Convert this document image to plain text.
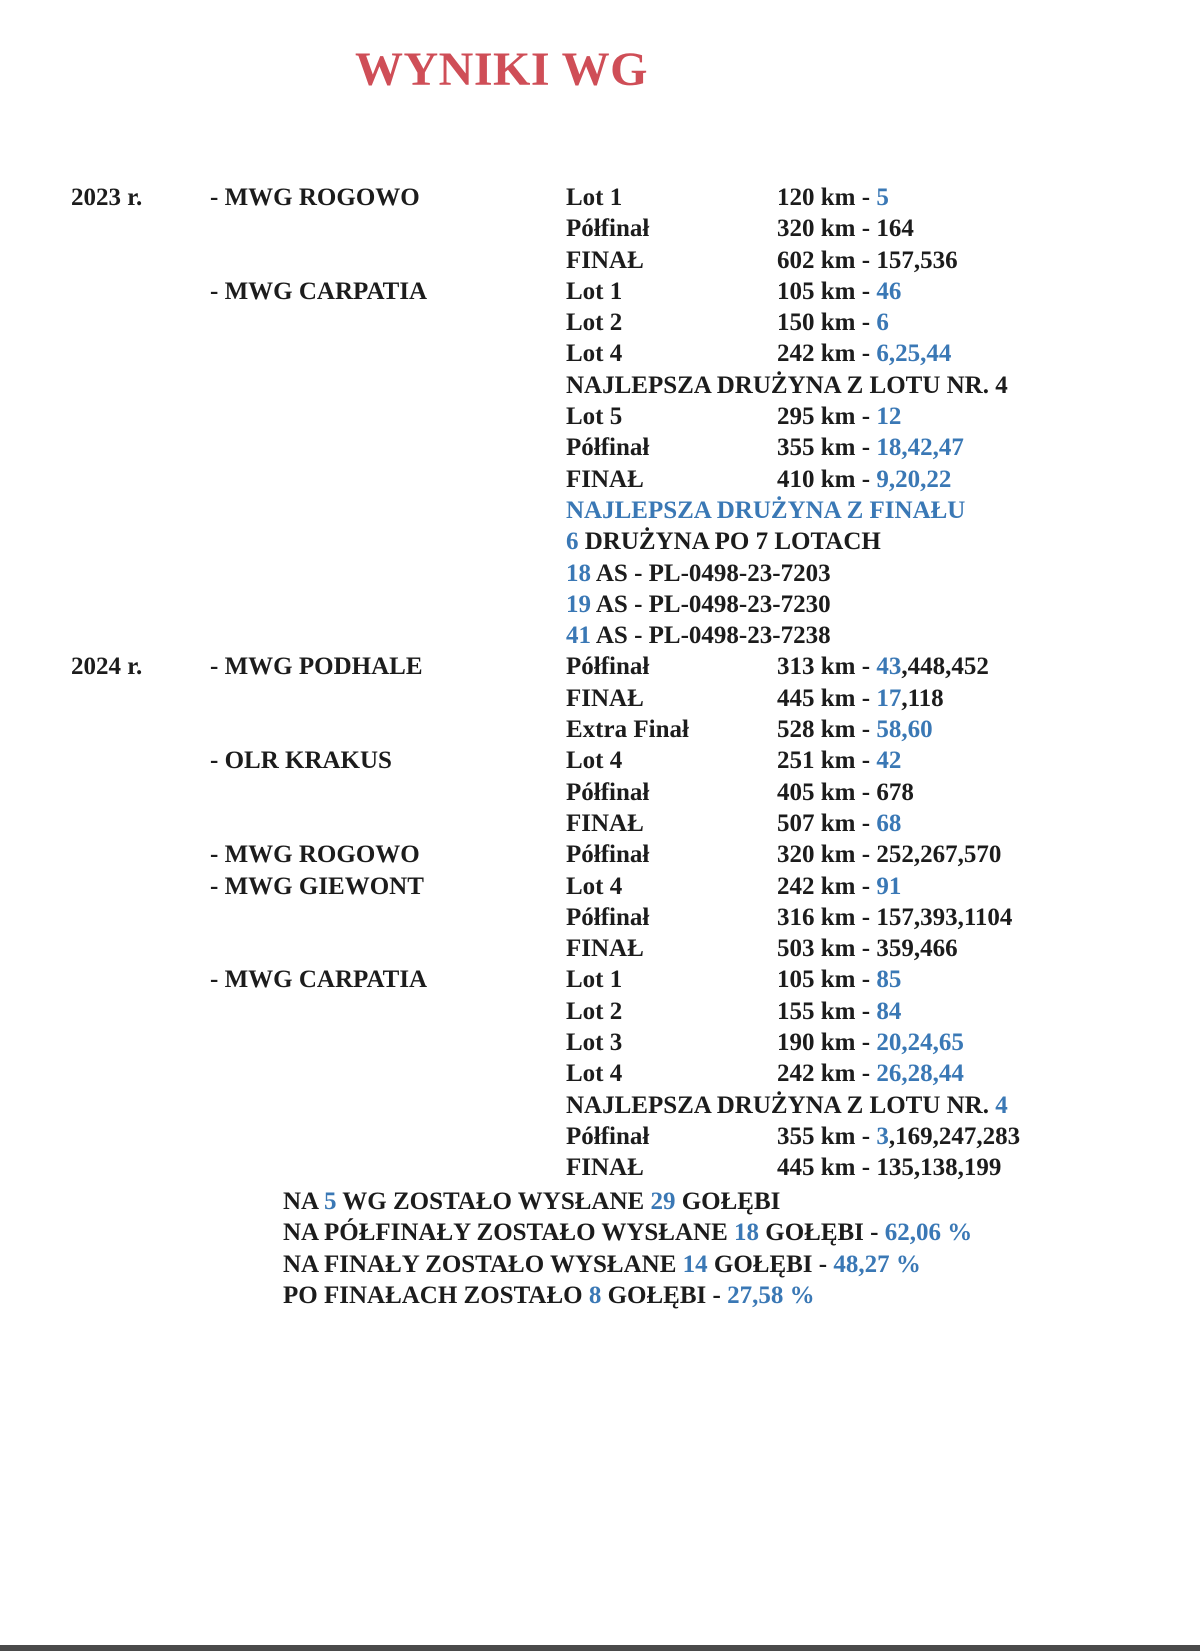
WYNIKI WG
2023 r.	- MWG ROGOWO	Lot 1	120 km - 5
Półfinał	320 km - 164
FINAŁ	602 km - 157,536
- MWG CARPATIA	Lot 1	105 km - 46
Lot 2	150 km - 6
Lot 4	242 km - 6,25,44
NAJLEPSZA DRUŻYNA Z LOTU NR. 4
Lot 5	295 km - 12
Półfinał	355 km - 18,42,47
FINAŁ	410 km - 9,20,22
NAJLEPSZA DRUŻYNA Z FINAŁU
6 DRUŻYNA PO 7 LOTACH
18 AS - PL-0498-23-7203
19 AS - PL-0498-23-7230
41 AS - PL-0498-23-7238
2024 r.	- MWG PODHALE	Półfinał	313 km - 43,448,452
FINAŁ	445 km - 17,118
Extra Finał	528 km - 58,60
- OLR KRAKUS	Lot 4	251 km - 42
Półfinał	405 km - 678
FINAŁ	507 km - 68
- MWG ROGOWO	Półfinał	320 km - 252,267,570
- MWG GIEWONT	Lot 4	242 km - 91
Półfinał	316 km - 157,393,1104
FINAŁ	503 km - 359,466
- MWG CARPATIA	Lot 1	105 km - 85
Lot 2	155 km - 84
Lot 3	190 km - 20,24,65
Lot 4	242 km - 26,28,44
NAJLEPSZA DRUŻYNA Z LOTU NR. 4
Półfinał	355 km - 3,169,247,283
FINAŁ	445 km - 135,138,199
NA 5 WG ZOSTAŁO WYSŁANE 29 GOŁĘBI
NA PÓŁFINAŁY ZOSTAŁO WYSŁANE 18 GOŁĘBI - 62,06 %
NA FINAŁY ZOSTAŁO WYSŁANE 14 GOŁĘBI - 48,27 %
PO FINAŁACH ZOSTAŁO 8 GOŁĘBI - 27,58 %
